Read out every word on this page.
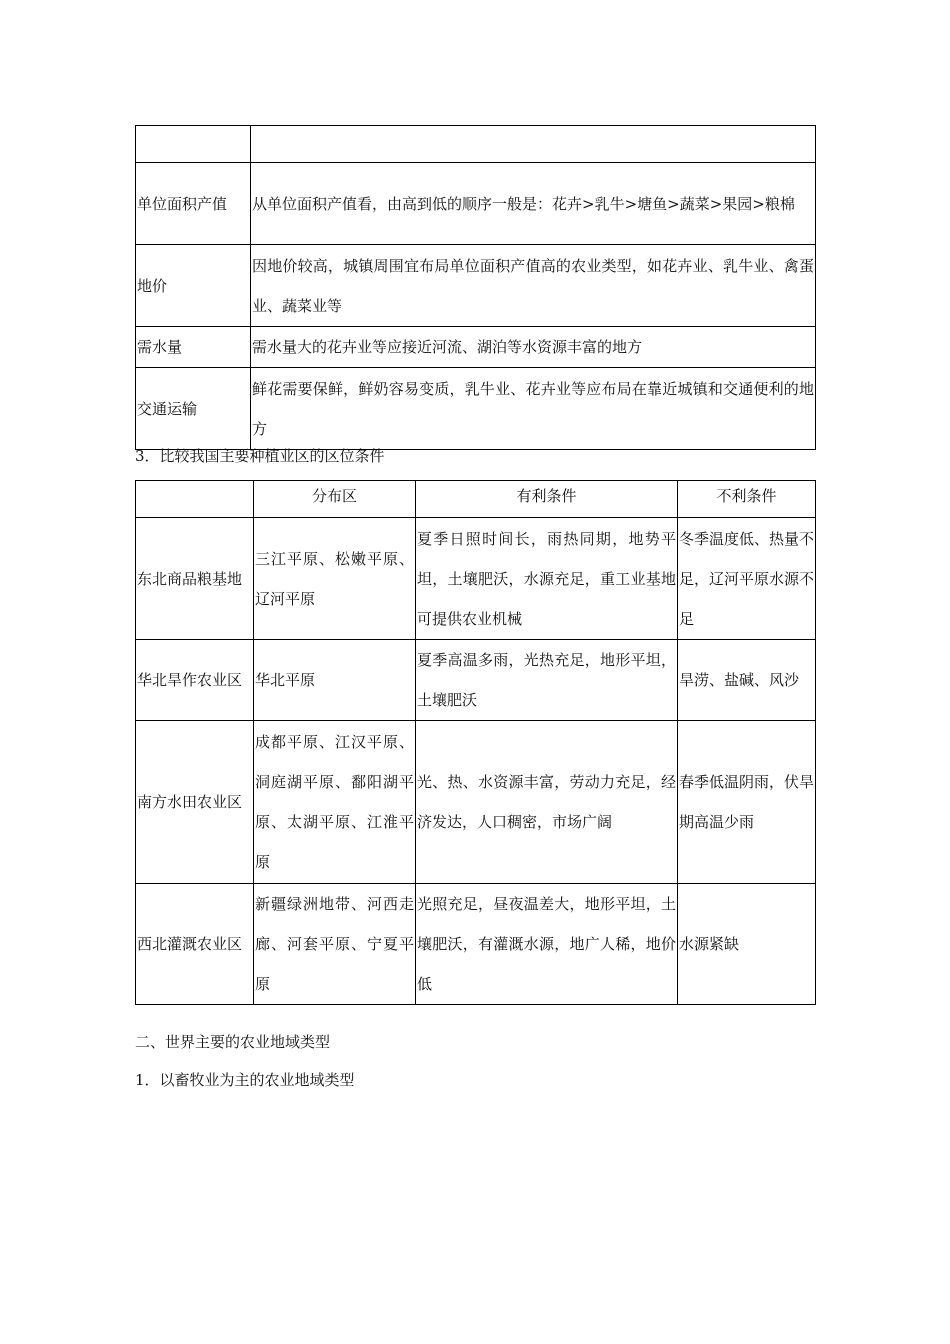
单位面积产值	从单位面积产值看，由高到低的顺序一般是：花卉>乳牛>塘鱼>蔬菜>果园>粮棉
地价	因地价较高，城镇周围宜布局单位面积产值高的农业类型，如花卉业、乳牛业、禽蛋业、蔬菜业等
需水量	需水量大的花卉业等应接近河流、湖泊等水资源丰富的地方
交通运输	鲜花需要保鲜，鲜奶容易变质，乳牛业、花卉业等应布局在靠近城镇和交通便利的地方
3．比较我国主要种植业区的区位条件
	分布区	有利条件	不利条件
东北商品粮基地	三江平原、松嫩平原、辽河平原	夏季日照时间长，雨热同期，地势平坦，土壤肥沃，水源充足，重工业基地可提供农业机械	冬季温度低、热量不足，辽河平原水源不足
华北旱作农业区	华北平原	夏季高温多雨，光热充足，地形平坦，土壤肥沃	旱涝、盐碱、风沙
南方水田农业区	成都平原、江汉平原、洞庭湖平原、鄱阳湖平原、太湖平原、江淮平原	光、热、水资源丰富，劳动力充足，经济发达，人口稠密，市场广阔	春季低温阴雨，伏旱期高温少雨
西北灌溉农业区	新疆绿洲地带、河西走廊、河套平原、宁夏平原	光照充足，昼夜温差大，地形平坦，土壤肥沃，有灌溉水源，地广人稀，地价低	水源紧缺
二、世界主要的农业地域类型
1．以畜牧业为主的农业地域类型
